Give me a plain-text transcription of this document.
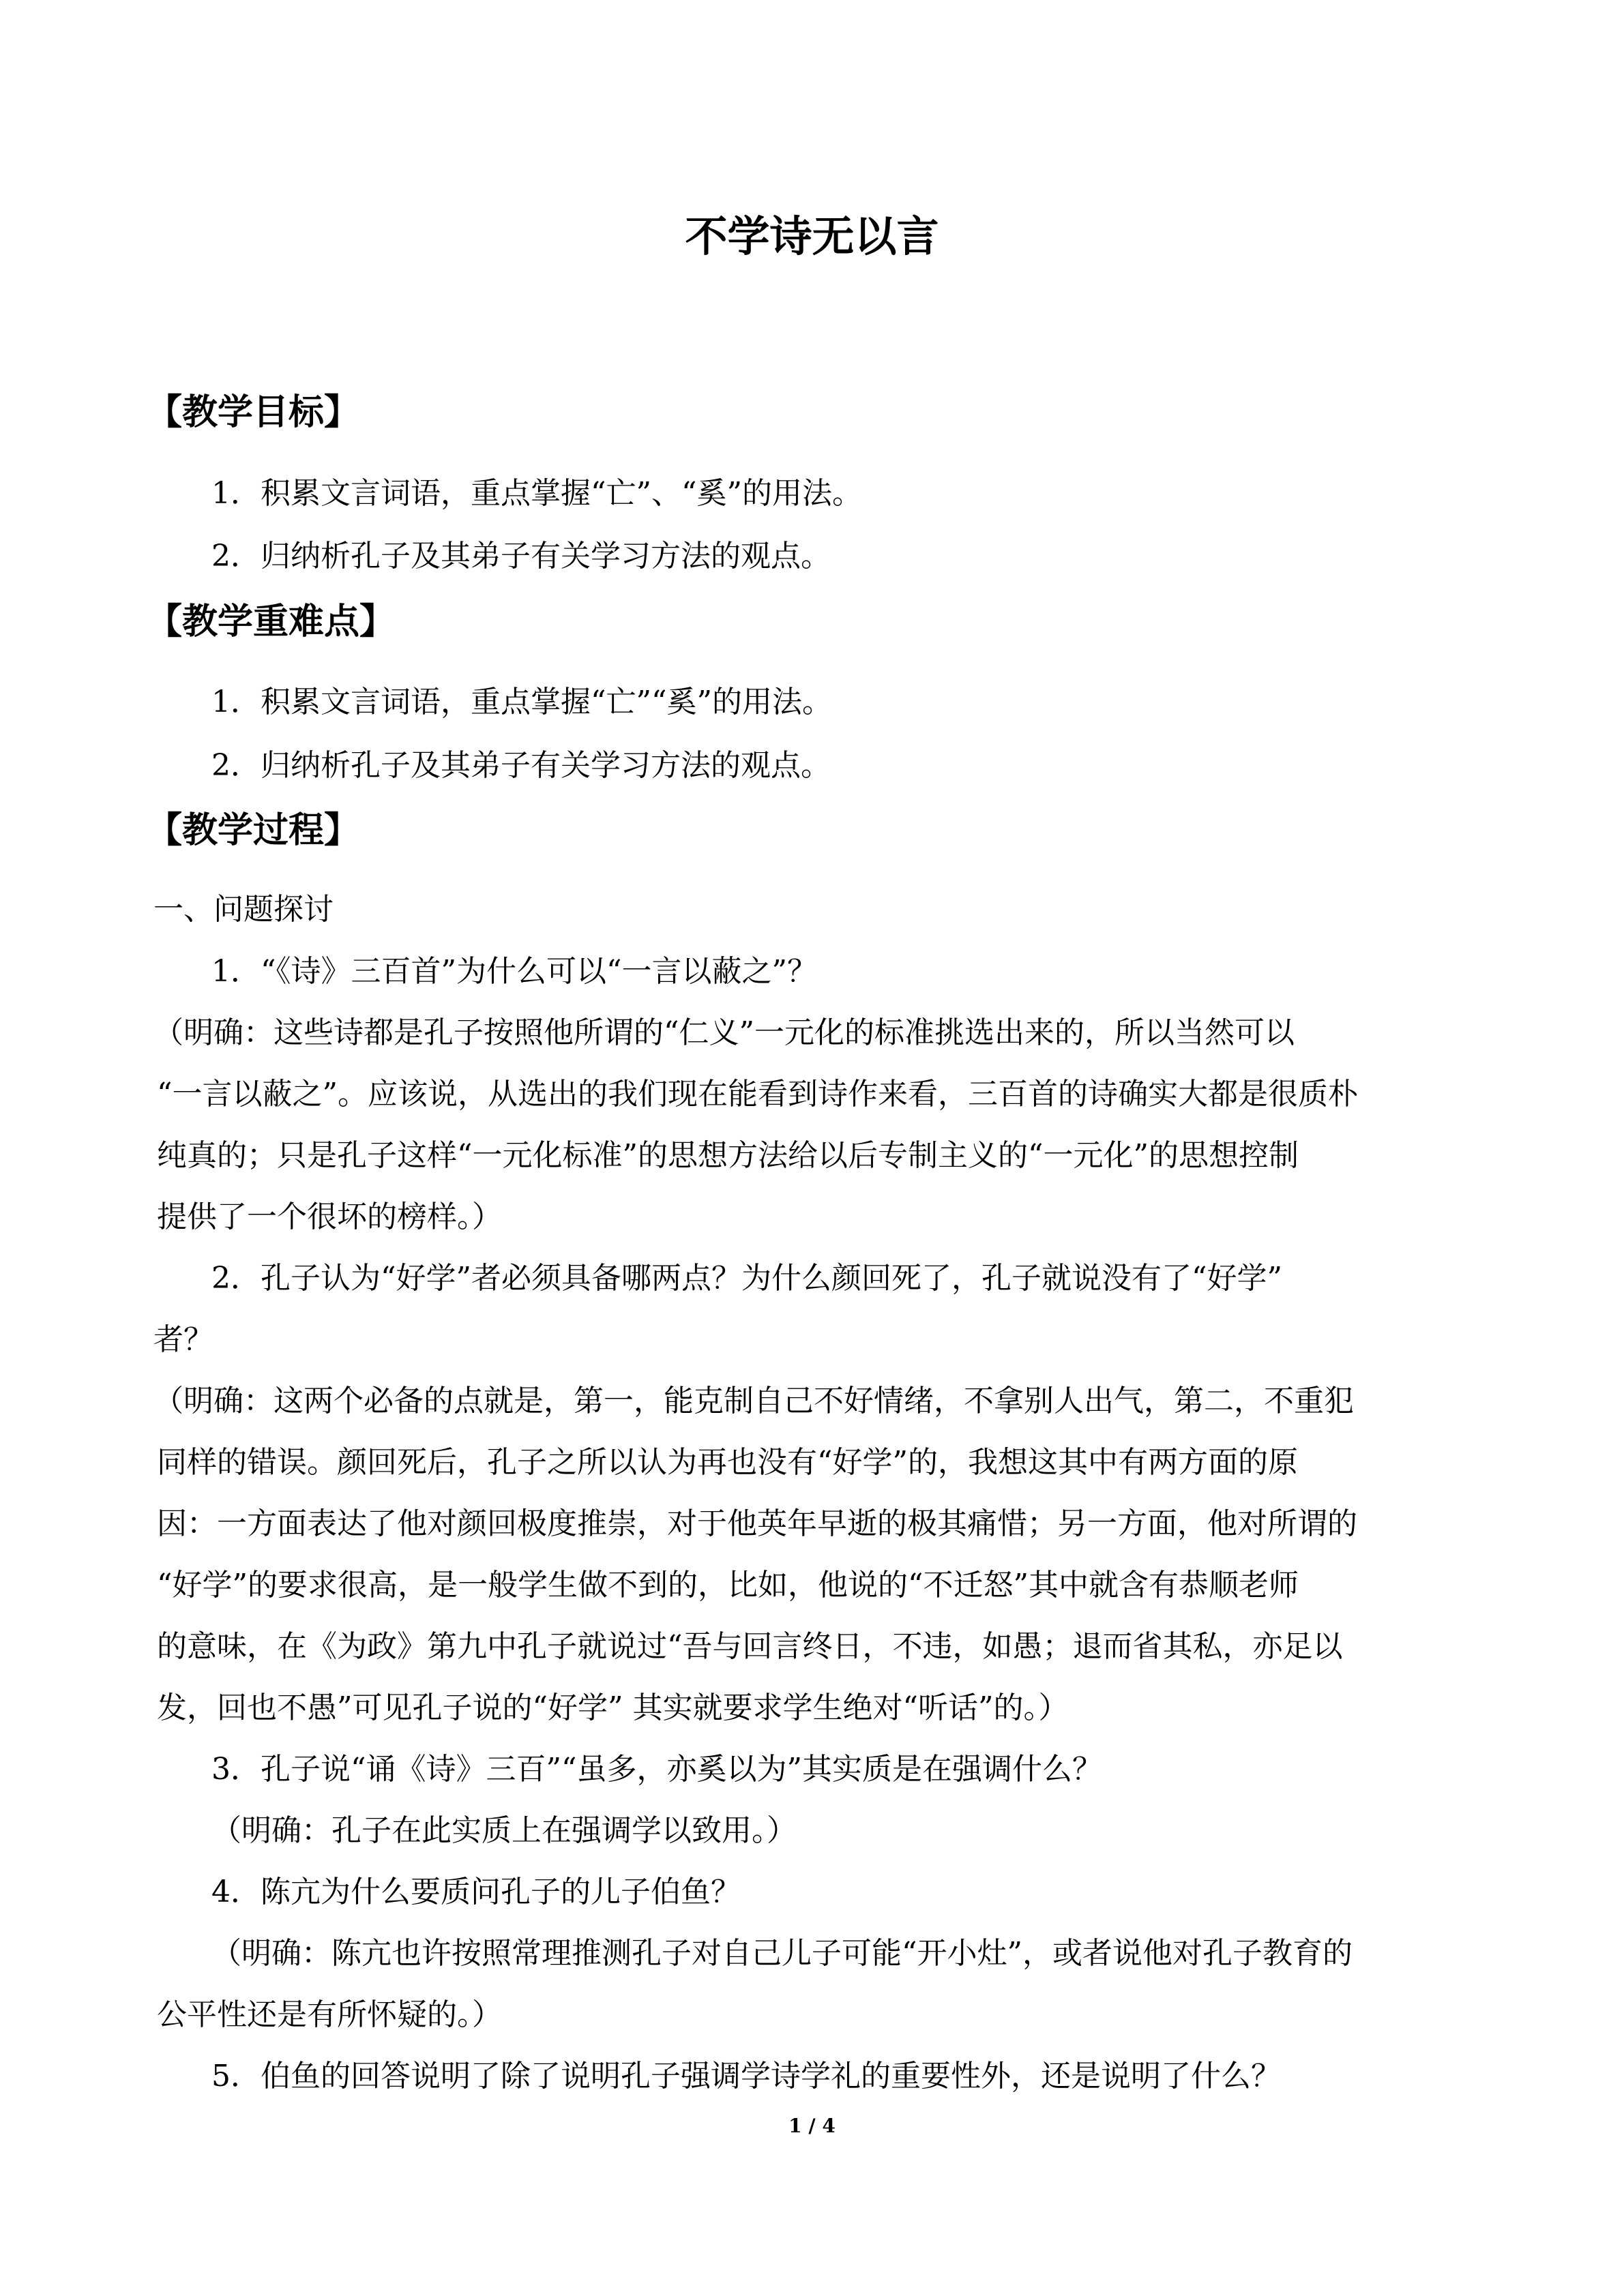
不学诗无以言
【教学目标】
1．积累文言词语，重点掌握“亡”、“奚”的用法。
2．归纳析孔子及其弟子有关学习方法的观点。
【教学重难点】
1．积累文言词语，重点掌握“亡”“奚”的用法。
2．归纳析孔子及其弟子有关学习方法的观点。
【教学过程】
一、问题探讨
1．“《诗》三百首”为什么可以“一言以蔽之”？
（明确：这些诗都是孔子按照他所谓的“仁义”一元化的标准挑选出来的，所以当然可以
“一言以蔽之”。应该说，从选出的我们现在能看到诗作来看，三百首的诗确实大都是很质朴
纯真的；只是孔子这样“一元化标准”的思想方法给以后专制主义的“一元化”的思想控制
提供了一个很坏的榜样。）
2．孔子认为“好学”者必须具备哪两点？为什么颜回死了，孔子就说没有了“好学”
者？
（明确：这两个必备的点就是，第一，能克制自己不好情绪，不拿别人出气，第二，不重犯
同样的错误。颜回死后，孔子之所以认为再也没有“好学”的，我想这其中有两方面的原
因：一方面表达了他对颜回极度推崇，对于他英年早逝的极其痛惜；另一方面，他对所谓的
“好学”的要求很高，是一般学生做不到的，比如，他说的“不迁怒”其中就含有恭顺老师
的意味，在《为政》第九中孔子就说过“吾与回言终日，不违，如愚；退而省其私，亦足以
发，回也不愚”可见孔子说的“好学” 其实就要求学生绝对“听话”的。）
3．孔子说“诵《诗》三百”“虽多，亦奚以为”其实质是在强调什么？
（明确：孔子在此实质上在强调学以致用。）
4．陈亢为什么要质问孔子的儿子伯鱼？
（明确：陈亢也许按照常理推测孔子对自己儿子可能“开小灶”，或者说他对孔子教育的
公平性还是有所怀疑的。）
5．伯鱼的回答说明了除了说明孔子强调学诗学礼的重要性外，还是说明了什么？
1 / 4
